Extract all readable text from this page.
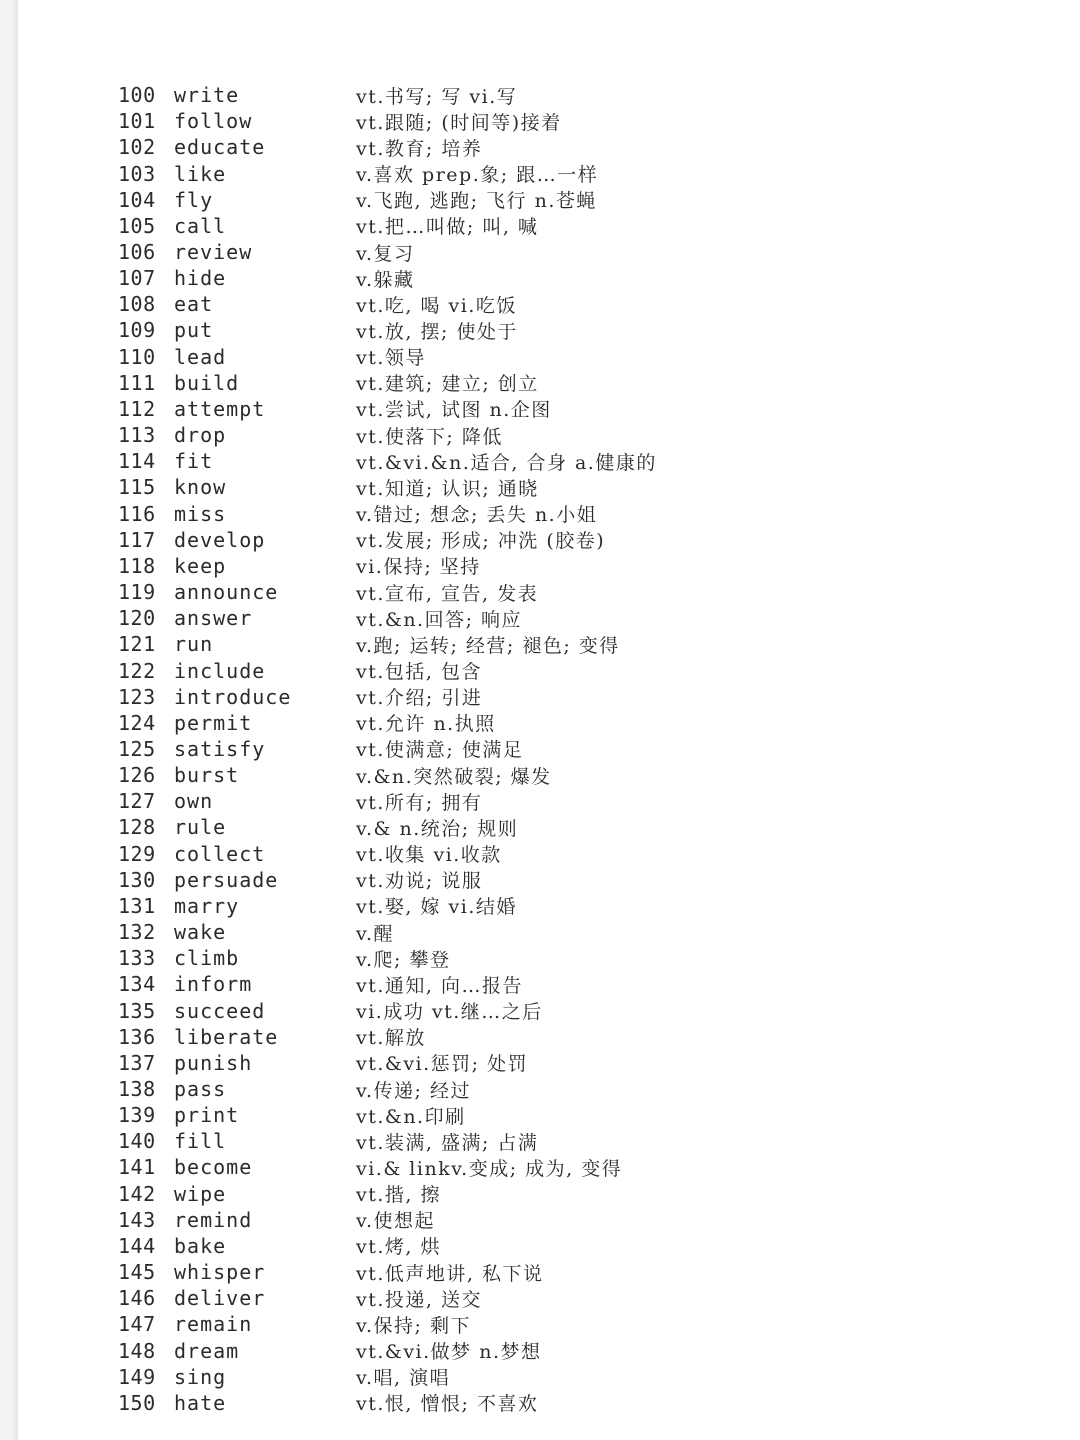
100 write	vt.书写; 写 vi.写
101 follow	vt.跟随; (时间等)接着
102 educate	vt.教育; 培养
103 like	v.喜欢 prep.象; 跟…一样
104 fly	v.飞跑, 逃跑; 飞行 n.苍蝇
105 call	vt.把…叫做; 叫, 喊
106 review	v.复习
107 hide	v.躲藏
108 eat	vt.吃, 喝 vi.吃饭
109 put	vt.放, 摆; 使处于
110 lead	vt.领导
111 build	vt.建筑; 建立; 创立
112 attempt	vt.尝试, 试图 n.企图
113 drop	vt.使落下; 降低
114 fit	vt.&vi.&n.适合, 合身 a.健康的
115 know	vt.知道; 认识; 通晓
116 miss	v.错过; 想念; 丢失 n.小姐
117 develop	vt.发展; 形成; 冲洗 (胶卷)
118 keep	vi.保持; 坚持
119 announce	vt.宣布, 宣告, 发表
120 answer	vt.&n.回答; 响应
121 run	v.跑; 运转; 经营; 褪色; 变得
122 include	vt.包括, 包含
123 introduce	vt.介绍; 引进
124 permit	vt.允许 n.执照
125 satisfy	vt.使满意; 使满足
126 burst	v.&n.突然破裂; 爆发
127 own	vt.所有; 拥有
128 rule	v.& n.统治; 规则
129 collect	vt.收集 vi.收款
130 persuade	vt.劝说; 说服
131 marry	vt.娶, 嫁 vi.结婚
132 wake	v.醒
133 climb	v.爬; 攀登
134 inform	vt.通知, 向…报告
135 succeed	vi.成功 vt.继…之后
136 liberate	vt.解放
137 punish	vt.&vi.惩罚; 处罚
138 pass	v.传递; 经过
139 print	vt.&n.印刷
140 fill	vt.装满, 盛满; 占满
141 become	vi.& linkv.变成; 成为, 变得
142 wipe	vt.揩, 擦
143 remind	v.使想起
144 bake	vt.烤, 烘
145 whisper	vt.低声地讲, 私下说
146 deliver	vt.投递, 送交
147 remain	v.保持; 剩下
148 dream	vt.&vi.做梦 n.梦想
149 sing	v.唱, 演唱
150 hate	vt.恨, 憎恨; 不喜欢
